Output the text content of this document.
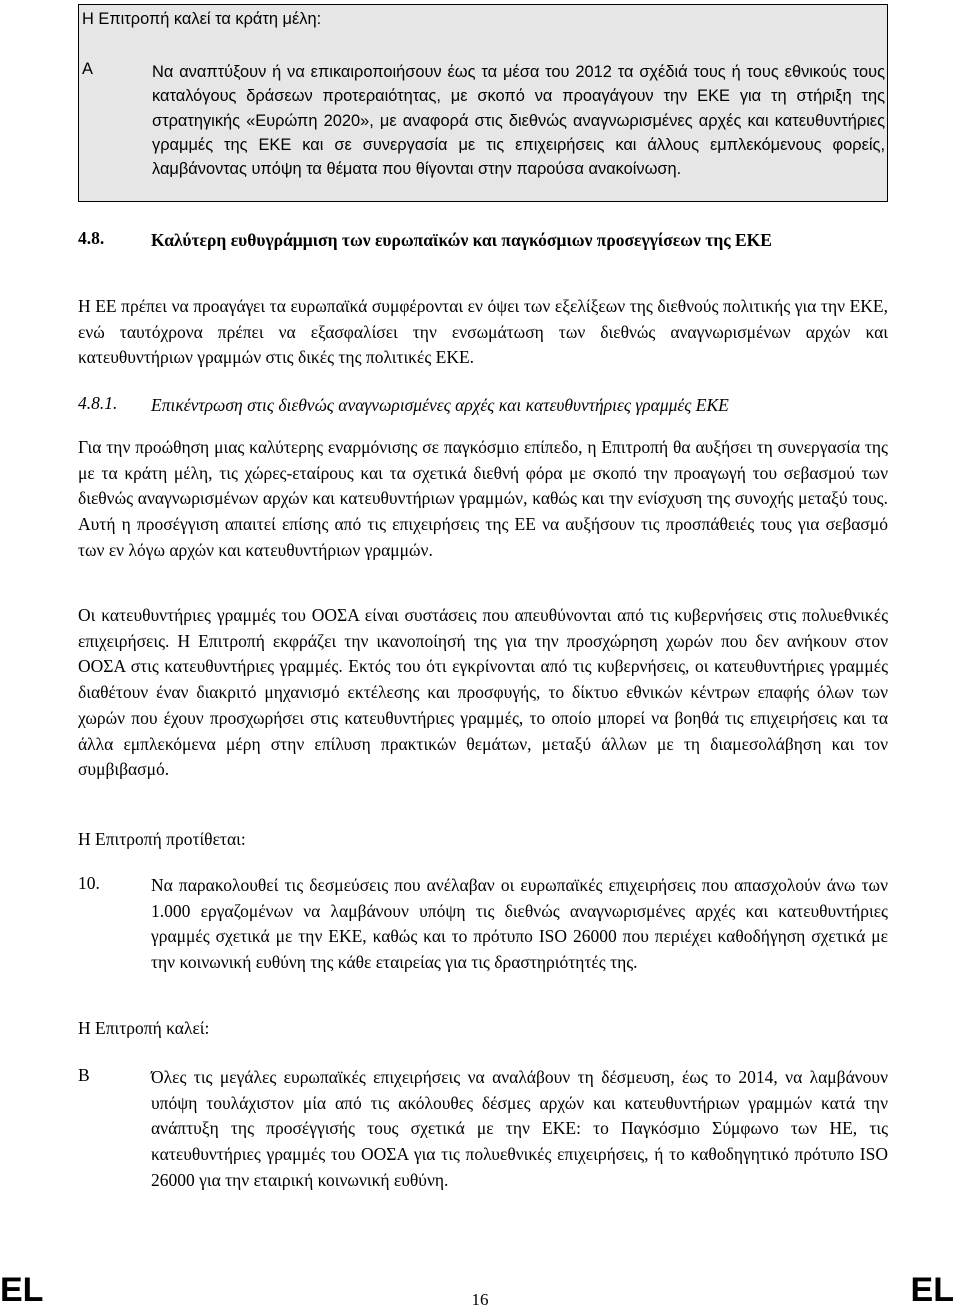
Η Επιτροπή καλεί τα κράτη μέλη:
A	Να αναπτύξουν ή να επικαιροποιήσουν έως τα μέσα του 2012 τα σχέδιά τους ή τους εθνικούς τους καταλόγους δράσεων προτεραιότητας, με σκοπό να προαγάγουν την ΕΚΕ για τη στήριξη της στρατηγικής «Ευρώπη 2020», με αναφορά στις διεθνώς αναγνωρισμένες αρχές και κατευθυντήριες γραμμές της ΕΚΕ και σε συνεργασία με τις επιχειρήσεις και άλλους εμπλεκόμενους φορείς, λαμβάνοντας υπόψη τα θέματα που θίγονται στην παρούσα ανακοίνωση.
4.8.	Καλύτερη ευθυγράμμιση των ευρωπαϊκών και παγκόσμιων προσεγγίσεων της ΕΚΕ
Η ΕΕ πρέπει να προαγάγει τα ευρωπαϊκά συμφέρονται εν όψει των εξελίξεων της διεθνούς πολιτικής για την ΕΚΕ, ενώ ταυτόχρονα πρέπει να εξασφαλίσει την ενσωμάτωση των διεθνώς αναγνωρισμένων αρχών και κατευθυντήριων γραμμών στις δικές της πολιτικές ΕΚΕ.
4.8.1. Επικέντρωση στις διεθνώς αναγνωρισμένες αρχές και κατευθυντήριες γραμμές ΕΚΕ
Για την προώθηση μιας καλύτερης εναρμόνισης σε παγκόσμιο επίπεδο, η Επιτροπή θα αυξήσει τη συνεργασία της με τα κράτη μέλη, τις χώρες-εταίρους και τα σχετικά διεθνή φόρα με σκοπό την προαγωγή του σεβασμού των διεθνώς αναγνωρισμένων αρχών και κατευθυντήριων γραμμών, καθώς και την ενίσχυση της συνοχής μεταξύ τους. Αυτή η προσέγγιση απαιτεί επίσης από τις επιχειρήσεις της ΕΕ να αυξήσουν τις προσπάθειές τους για σεβασμό των εν λόγω αρχών και κατευθυντήριων γραμμών.
Οι κατευθυντήριες γραμμές του ΟΟΣΑ είναι συστάσεις που απευθύνονται από τις κυβερνήσεις στις πολυεθνικές επιχειρήσεις. Η Επιτροπή εκφράζει την ικανοποίησή της για την προσχώρηση χωρών που δεν ανήκουν στον ΟΟΣΑ στις κατευθυντήριες γραμμές. Εκτός του ότι εγκρίνονται από τις κυβερνήσεις, οι κατευθυντήριες γραμμές διαθέτουν έναν διακριτό μηχανισμό εκτέλεσης και προσφυγής, το δίκτυο εθνικών κέντρων επαφής όλων των χωρών που έχουν προσχωρήσει στις κατευθυντήριες γραμμές, το οποίο μπορεί να βοηθά τις επιχειρήσεις και τα άλλα εμπλεκόμενα μέρη στην επίλυση πρακτικών θεμάτων, μεταξύ άλλων με τη διαμεσολάβηση και τον συμβιβασμό.
Η Επιτροπή προτίθεται:
10.	Να παρακολουθεί τις δεσμεύσεις που ανέλαβαν οι ευρωπαϊκές επιχειρήσεις που απασχολούν άνω των 1.000 εργαζομένων να λαμβάνουν υπόψη τις διεθνώς αναγνωρισμένες αρχές και κατευθυντήριες γραμμές σχετικά με την ΕΚΕ, καθώς και το πρότυπο ISO 26000 που περιέχει καθοδήγηση σχετικά με την κοινωνική ευθύνη της κάθε εταιρείας για τις δραστηριότητές της.
Η Επιτροπή καλεί:
B	Όλες τις μεγάλες ευρωπαϊκές επιχειρήσεις να αναλάβουν τη δέσμευση, έως το 2014, να λαμβάνουν υπόψη τουλάχιστον μία από τις ακόλουθες δέσμες αρχών και κατευθυντήριων γραμμών κατά την ανάπτυξη της προσέγγισής τους σχετικά με την ΕΚΕ: το Παγκόσμιο Σύμφωνο των ΗΕ, τις κατευθυντήριες γραμμές του ΟΟΣΑ για τις πολυεθνικές επιχειρήσεις, ή το καθοδηγητικό πρότυπο ISO 26000 για την εταιρική κοινωνική ευθύνη.
EL	16	EL
